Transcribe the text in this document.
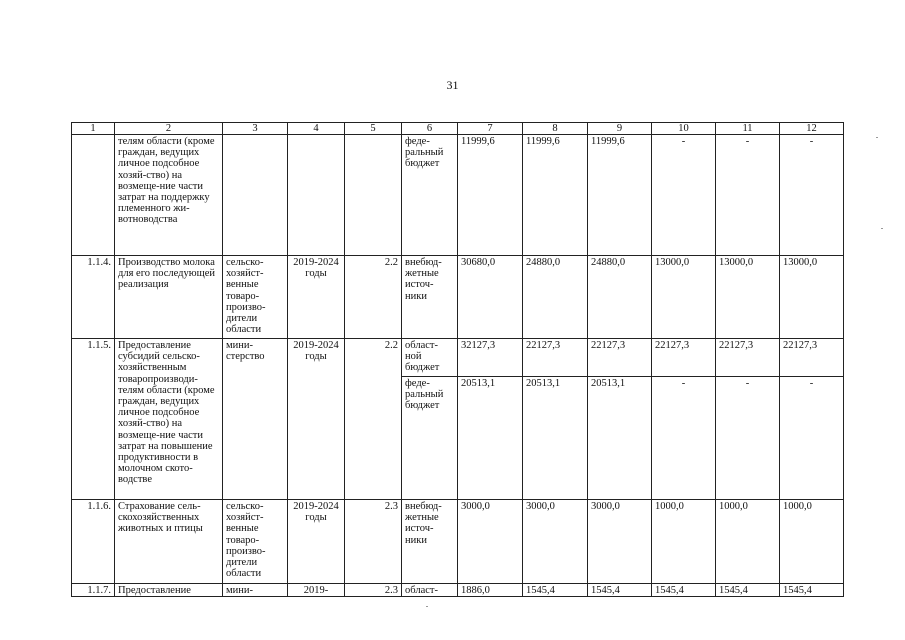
31
1	2	3	4	5	6	7	8	9	10	11	12
	телям области (кроме граждан, ведущих личное подсобное хозяй-ство) на возмеще-ние части затрат на поддержку племенного жи-вотноводства				феде-ральный бюджет	11999,6	11999,6	11999,6	-	-	-
1.1.4.	Производство молока для его последующей реализация	сельско-хозяйст-венные товаро-произво-дители области	2019-2024 годы	2.2	внебюд-жетные источ-ники	30680,0	24880,0	24880,0	13000,0	13000,0	13000,0
1.1.5.	Предоставление субсидий сельско-хозяйственным товаропроизводи-телям области (кроме граждан, ведущих личное подсобное хозяй-ство) на возмеще-ние части затрат на повышение продуктивности в молочном ското-водстве	мини-стерство	2019-2024 годы	2.2	област-ной бюджет	32127,3	22127,3	22127,3	22127,3	22127,3	22127,3
					феде-ральный бюджет	20513,1	20513,1	20513,1	-	-	-
1.1.6.	Страхование сель-скохозяйственных животных и птицы	сельско-хозяйст-венные товаро-произво-дители области	2019-2024 годы	2.3	внебюд-жетные источ-ники	3000,0	3000,0	3000,0	1000,0	1000,0	1000,0
1.1.7.	Предоставление	мини-	2019-	2.3	област-	1886,0	1545,4	1545,4	1545,4	1545,4	1545,4
